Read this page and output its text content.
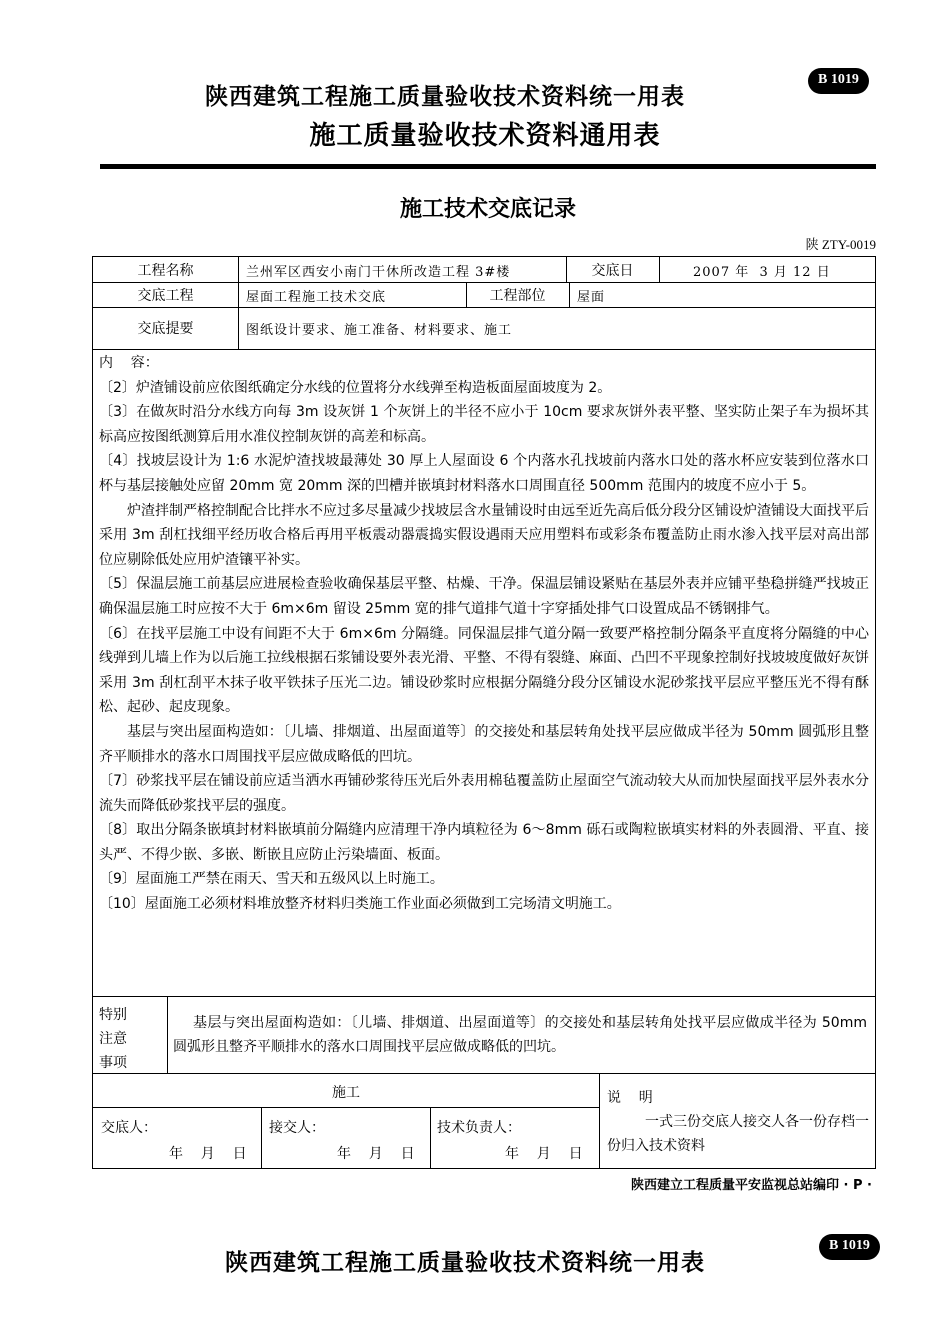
B 1019
陕西建筑工程施工质量验收技术资料统一用表
施工质量验收技术资料通用表
施工技术交底记录
陕 ZTY-0019
工程名称	兰州军区西安小南门干休所改造工程 3#楼	交底日	2007 年  3 月 12 日
交底工程	屋面工程施工技术交底	工程部位	屋面
交底提要	图纸设计要求、施工准备、材料要求、施工

内    容：

〔2〕炉渣铺设前应依图纸确定分水线的位置将分水线弹至构造板面屋面坡度为 2。

〔3〕在做灰时沿分水线方向每 3m 设灰饼 1 个灰饼上的半径不应小于 10cm 要求灰饼外表平整、坚实防止架子车为损坏其标高应按图纸测算后用水准仪控制灰饼的高差和标高。

〔4〕找坡层设计为 1:6 水泥炉渣找坡最薄处 30 厚上人屋面设 6 个内落水孔找坡前内落水口处的落水杯应安装到位落水口杯与基层接触处应留 20mm 宽 20mm 深的凹槽并嵌填封材料落水口周围直径 500mm 范围内的坡度不应小于 5。

炉渣拌制严格控制配合比拌水不应过多尽量减少找坡层含水量铺设时由远至近先高后低分段分区铺设炉渣铺设大面找平后采用 3m 刮杠找细平经历收合格后再用平板震动器震捣实假设遇雨天应用塑料布或彩条布覆盖防止雨水渗入找平层对高出部位应剔除低处应用炉渣镶平补实。

〔5〕保温层施工前基层应进展检查验收确保基层平整、枯燥、干净。保温层铺设紧贴在基层外表并应铺平垫稳拼缝严找坡正确保温层施工时应按不大于 6m×6m 留设 25mm 宽的排气道排气道十字穿插处排气口设置成品不锈钢排气。

〔6〕在找平层施工中设有间距不大于 6m×6m 分隔缝。同保温层排气道分隔一致要严格控制分隔条平直度将分隔缝的中心线弹到儿墙上作为以后施工拉线根据石浆铺设要外表光滑、平整、不得有裂缝、麻面、凸凹不平现象控制好找坡坡度做好灰饼采用 3m 刮杠刮平木抹子收平铁抹子压光二边。铺设砂浆时应根据分隔缝分段分区铺设水泥砂浆找平层应平整压光不得有酥松、起砂、起皮现象。

基层与突出屋面构造如：〔儿墙、排烟道、出屋面道等〕的交接处和基层转角处找平层应做成半径为 50mm 圆弧形且整齐平顺排水的落水口周围找平层应做成略低的凹坑。

〔7〕砂浆找平层在铺设前应适当洒水再铺砂浆待压光后外表用棉毡覆盖防止屋面空气流动较大从而加快屋面找平层外表水分流失而降低砂浆找平层的强度。

〔8〕取出分隔条嵌填封材料嵌填前分隔缝内应清理干净内填粒径为 6～8mm 砾石或陶粒嵌填实材料的外表圆滑、平直、接头严、不得少嵌、多嵌、断嵌且应防止污染墙面、板面。

〔9〕屋面施工严禁在雨天、雪天和五级风以上时施工。

〔10〕屋面施工必须材料堆放整齐材料归类施工作业面必须做到工完场清文明施工。

特别
注意
事项
基层与突出屋面构造如：〔儿墙、排烟道、出屋面道等〕的交接处和基层转角处找平层应做成半径为 50mm 圆弧形且整齐平顺排水的落水口周围找平层应做成略低的凹坑。
施工	说    明
一式三份交底人接交人各一份存档一份归入技术资料
交底人：
年    月    日
接交人：
年    月    日
技术负责人：
年    月    日
陕西建立工程质量平安监视总站编印 · P ·
B 1019
陕西建筑工程施工质量验收技术资料统一用表
